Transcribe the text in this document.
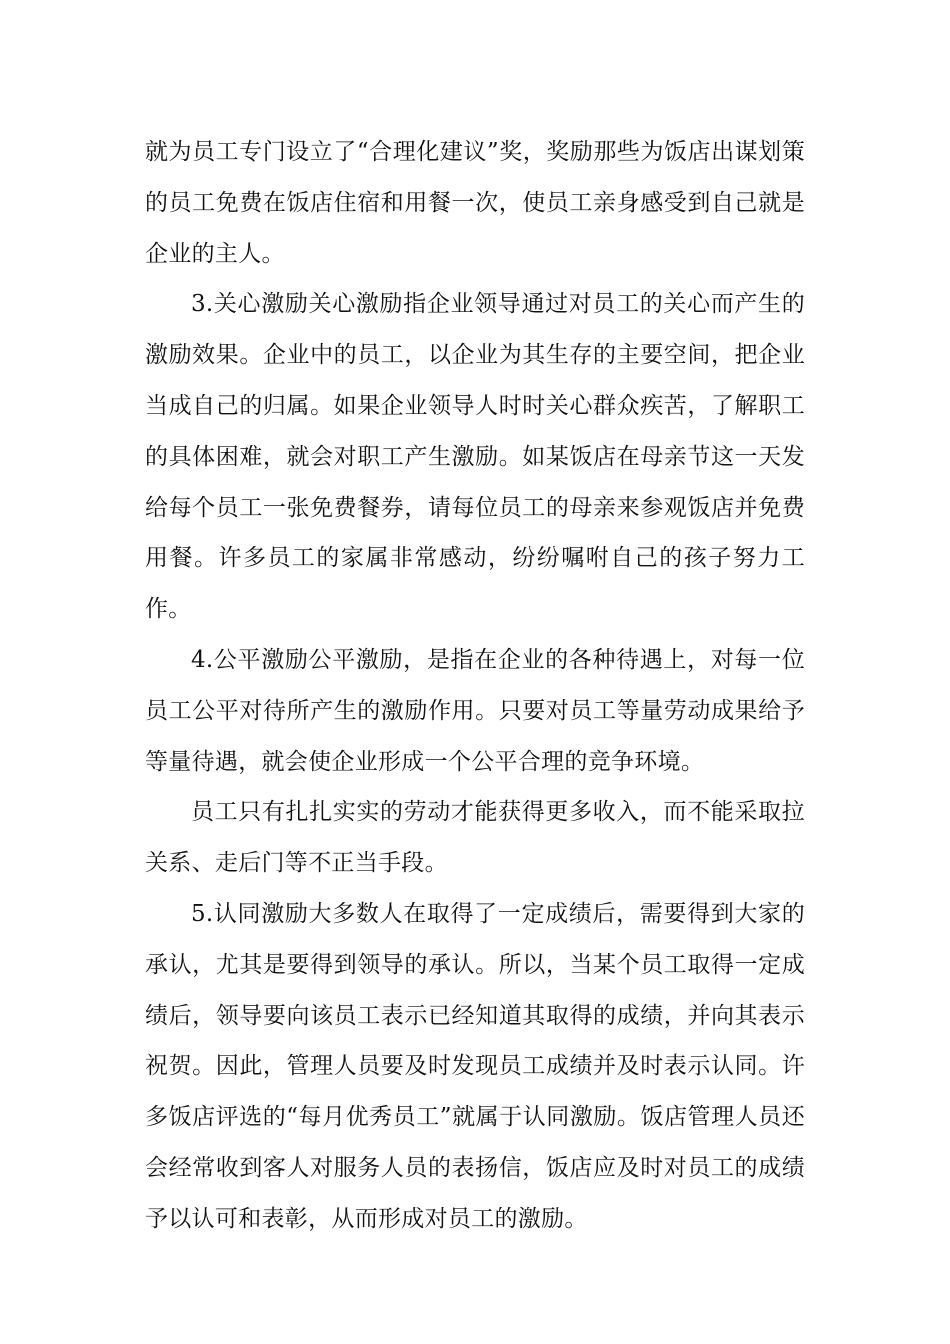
就为员工专门设立了“合理化建议”奖，奖励那些为饭店出谋划策的员工免费在饭店住宿和用餐一次，使员工亲身感受到自己就是企业的主人。

3.关心激励关心激励指企业领导通过对员工的关心而产生的激励效果。企业中的员工，以企业为其生存的主要空间，把企业当成自己的归属。如果企业领导人时时关心群众疾苦，了解职工的具体困难，就会对职工产生激励。如某饭店在母亲节这一天发给每个员工一张免费餐券，请每位员工的母亲来参观饭店并免费用餐。许多员工的家属非常感动，纷纷嘱咐自己的孩子努力工作。

4.公平激励公平激励，是指在企业的各种待遇上，对每一位员工公平对待所产生的激励作用。只要对员工等量劳动成果给予等量待遇，就会使企业形成一个公平合理的竞争环境。

员工只有扎扎实实的劳动才能获得更多收入，而不能采取拉关系、走后门等不正当手段。

5.认同激励大多数人在取得了一定成绩后，需要得到大家的承认，尤其是要得到领导的承认。所以，当某个员工取得一定成绩后，领导要向该员工表示已经知道其取得的成绩，并向其表示祝贺。因此，管理人员要及时发现员工成绩并及时表示认同。许多饭店评选的“每月优秀员工”就属于认同激励。饭店管理人员还会经常收到客人对服务人员的表扬信，饭店应及时对员工的成绩予以认可和表彰，从而形成对员工的激励。
